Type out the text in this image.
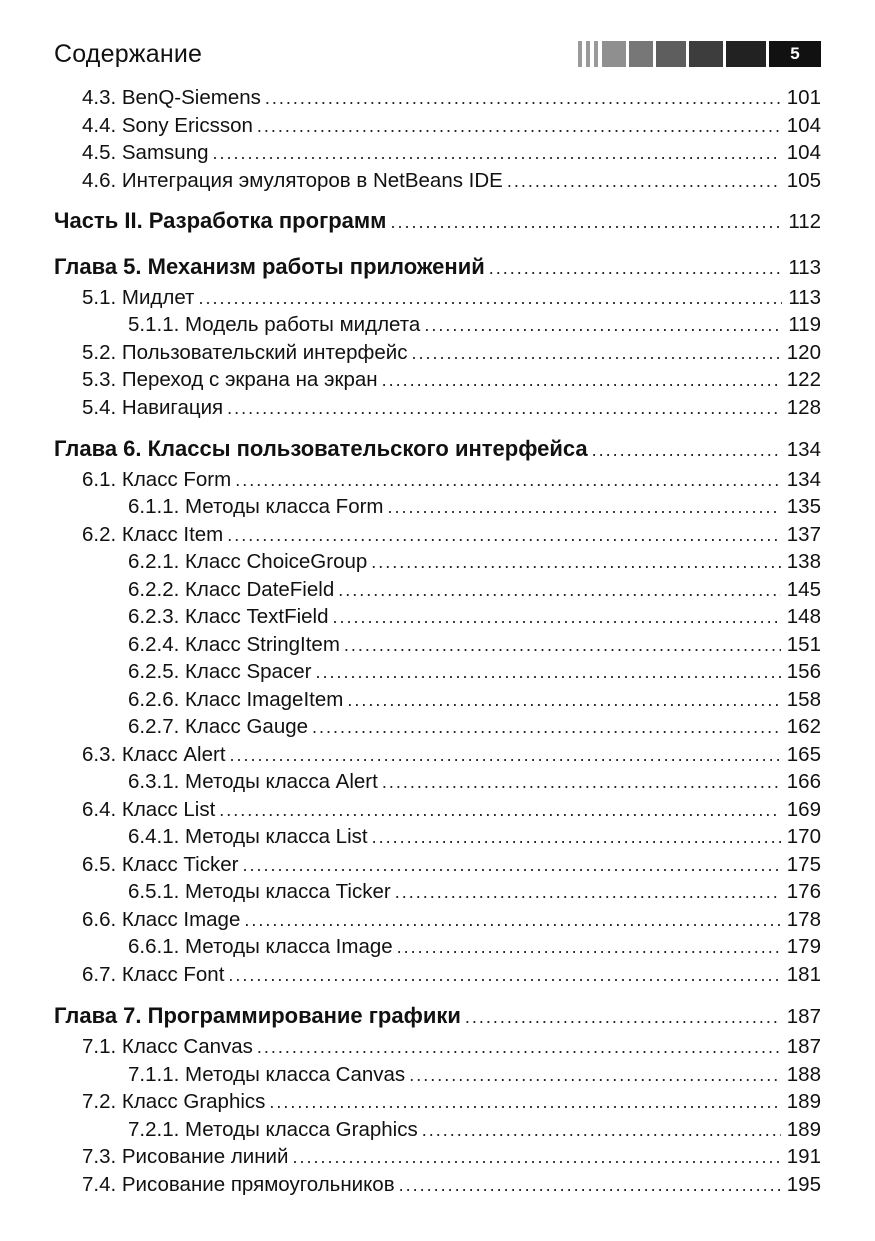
Содержание	5
4.3. BenQ-Siemens .....	101
4.4. Sony Ericsson .....	104
4.5. Samsung .....	104
4.6. Интеграция эмуляторов в NetBeans IDE .....	105
Часть II. Разработка программ .....	112
Глава 5. Механизм работы приложений .....	113
5.1. Мидлет .....	113
5.1.1. Модель работы мидлета .....	119
5.2. Пользовательский интерфейс .....	120
5.3. Переход с экрана на экран .....	122
5.4. Навигация .....	128
Глава 6. Классы пользовательского интерфейса .....	134
6.1. Класс Form .....	134
6.1.1. Методы класса Form .....	135
6.2. Класс Item .....	137
6.2.1. Класс ChoiceGroup .....	138
6.2.2. Класс DateField .....	145
6.2.3. Класс TextField .....	148
6.2.4. Класс StringItem .....	151
6.2.5. Класс Spacer .....	156
6.2.6. Класс ImageItem .....	158
6.2.7. Класс Gauge .....	162
6.3. Класс Alert .....	165
6.3.1. Методы класса Alert .....	166
6.4. Класс List .....	169
6.4.1. Методы класса List .....	170
6.5. Класс Ticker .....	175
6.5.1. Методы класса Ticker .....	176
6.6. Класс Image .....	178
6.6.1. Методы класса Image .....	179
6.7. Класс Font .....	181
Глава 7. Программирование графики .....	187
7.1. Класс Canvas .....	187
7.1.1. Методы класса Canvas .....	188
7.2. Класс Graphics .....	189
7.2.1. Методы класса Graphics .....	189
7.3. Рисование линий .....	191
7.4. Рисование прямоугольников .....	195
